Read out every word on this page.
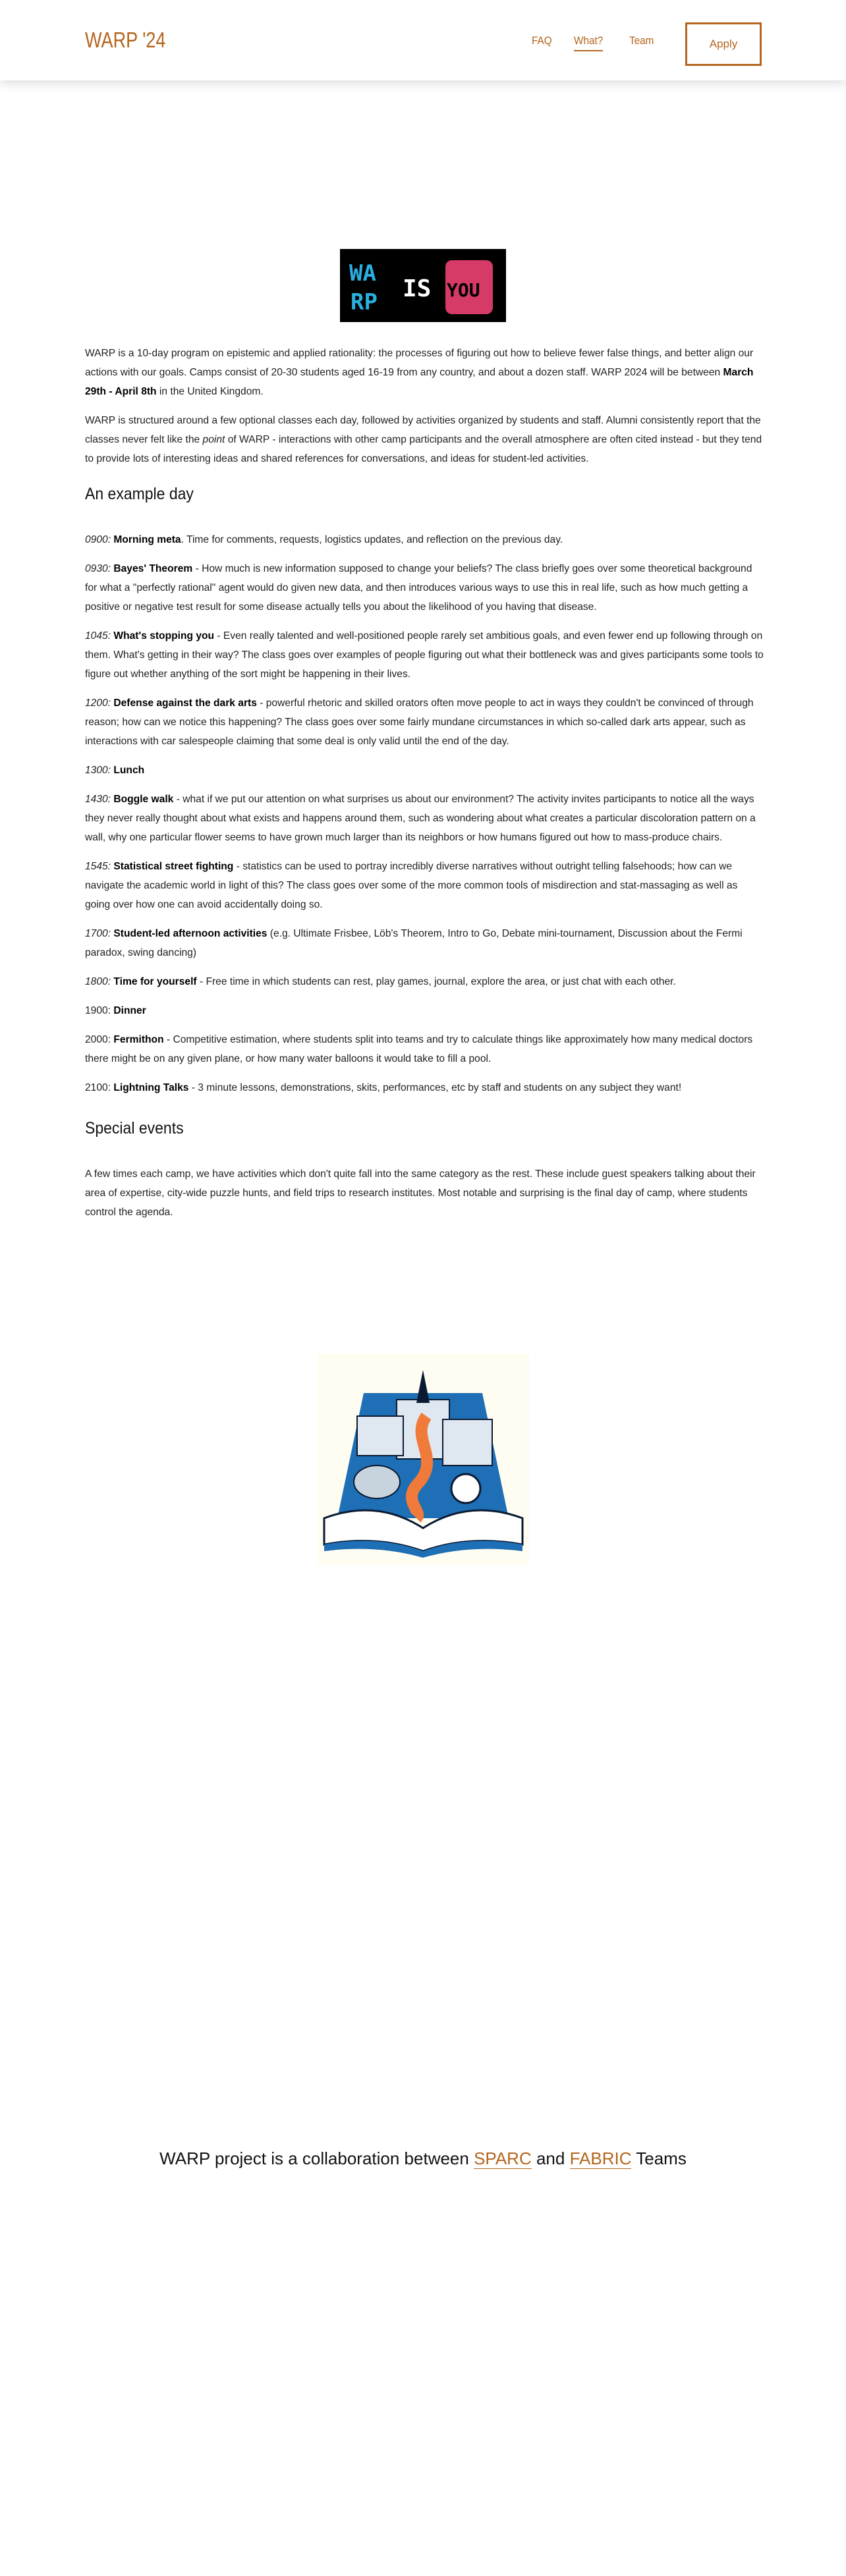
WARP '24	FAQ What? Team	Apply
WA
RP IS YOU

WARP is a 10-day program on epistemic and applied rationality: the processes of figuring out how to believe fewer false things, and better align our actions with our goals. Camps consist of 20-30 students aged 16-19 from any country, and about a dozen staff. WARP 2024 will be between March 29th - April 8th in the United Kingdom.

WARP is structured around a few optional classes each day, followed by activities organized by students and staff. Alumni consistently report that the classes never felt like the point of WARP - interactions with other camp participants and the overall atmosphere are often cited instead - but they tend to provide lots of interesting ideas and shared references for conversations, and ideas for student-led activities.

An example day

0900: Morning meta. Time for comments, requests, logistics updates, and reflection on the previous day.

0930: Bayes' Theorem - How much is new information supposed to change your beliefs? The class briefly goes over some theoretical background for what a "perfectly rational" agent would do given new data, and then introduces various ways to use this in real life, such as how much getting a positive or negative test result for some disease actually tells you about the likelihood of you having that disease.

1045: What's stopping you - Even really talented and well-positioned people rarely set ambitious goals, and even fewer end up following through on them. What's getting in their way? The class goes over examples of people figuring out what their bottleneck was and gives participants some tools to figure out whether anything of the sort might be happening in their lives.

1200: Defense against the dark arts - powerful rhetoric and skilled orators often move people to act in ways they couldn't be convinced of through reason; how can we notice this happening? The class goes over some fairly mundane circumstances in which so-called dark arts appear, such as interactions with car salespeople claiming that some deal is only valid until the end of the day.

1300: Lunch

1430: Boggle walk - what if we put our attention on what surprises us about our environment? The activity invites participants to notice all the ways they never really thought about what exists and happens around them, such as wondering about what creates a particular discoloration pattern on a wall, why one particular flower seems to have grown much larger than its neighbors or how humans figured out how to mass-produce chairs.

1545: Statistical street fighting - statistics can be used to portray incredibly diverse narratives without outright telling falsehoods; how can we navigate the academic world in light of this? The class goes over some of the more common tools of misdirection and stat-massaging as well as going over how one can avoid accidentally doing so.

1700: Student-led afternoon activities (e.g. Ultimate Frisbee, Löb's Theorem, Intro to Go, Debate mini-tournament, Discussion about the Fermi paradox, swing dancing)

1800: Time for yourself - Free time in which students can rest, play games, journal, explore the area, or just chat with each other.

1900: Dinner

2000: Fermithon - Competitive estimation, where students split into teams and try to calculate things like approximately how many medical doctors there might be on any given plane, or how many water balloons it would take to fill a pool.

2100: Lightning Talks - 3 minute lessons, demonstrations, skits, performances, etc by staff and students on any subject they want!

Special events

A few times each camp, we have activities which don't quite fall into the same category as the rest. These include guest speakers talking about their area of expertise, city-wide puzzle hunts, and field trips to research institutes. Most notable and surprising is the final day of camp, where students control the agenda.

WARP project is a collaboration between SPARC and FABRIC Teams
